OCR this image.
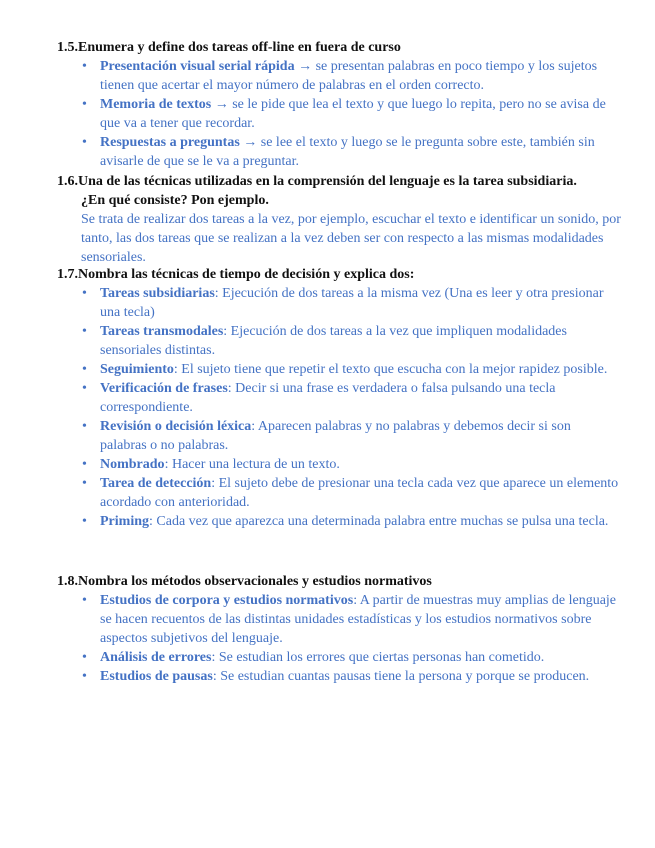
1.5.Enumera y define dos tareas off-line en fuera de curso
• Presentación visual serial rápida → se presentan palabras en poco tiempo y los sujetos tienen que acertar el mayor número de palabras en el orden correcto.
• Memoria de textos → se le pide que lea el texto y que luego lo repita, pero no se avisa de que va a tener que recordar.
• Respuestas a preguntas → se lee el texto y luego se le pregunta sobre este, también sin avisarle de que se le va a preguntar.
1.6.Una de las técnicas utilizadas en la comprensión del lenguaje es la tarea subsidiaria.
¿En qué consiste? Pon ejemplo.
Se trata de realizar dos tareas a la vez, por ejemplo, escuchar el texto e identificar un sonido, por tanto, las dos tareas que se realizan a la vez deben ser con respecto a las mismas modalidades sensoriales.
1.7.Nombra las técnicas de tiempo de decisión y explica dos:
• Tareas subsidiarias: Ejecución de dos tareas a la misma vez (Una es leer y otra presionar una tecla)
• Tareas transmodales: Ejecución de dos tareas a la vez que impliquen modalidades sensoriales distintas.
• Seguimiento: El sujeto tiene que repetir el texto que escucha con la mejor rapidez posible.
• Verificación de frases: Decir si una frase es verdadera o falsa pulsando una tecla correspondiente.
• Revisión o decisión léxica: Aparecen palabras y no palabras y debemos decir si son palabras o no palabras.
• Nombrado: Hacer una lectura de un texto.
• Tarea de detección: El sujeto debe de presionar una tecla cada vez que aparece un elemento acordado con anterioridad.
• Priming: Cada vez que aparezca una determinada palabra entre muchas se pulsa una tecla.
1.8.Nombra los métodos observacionales y estudios normativos
• Estudios de corpora y estudios normativos: A partir de muestras muy amplias de lenguaje se hacen recuentos de las distintas unidades estadísticas y los estudios normativos sobre aspectos subjetivos del lenguaje.
• Análisis de errores: Se estudian los errores que ciertas personas han cometido.
• Estudios de pausas: Se estudian cuantas pausas tiene la persona y porque se producen.
